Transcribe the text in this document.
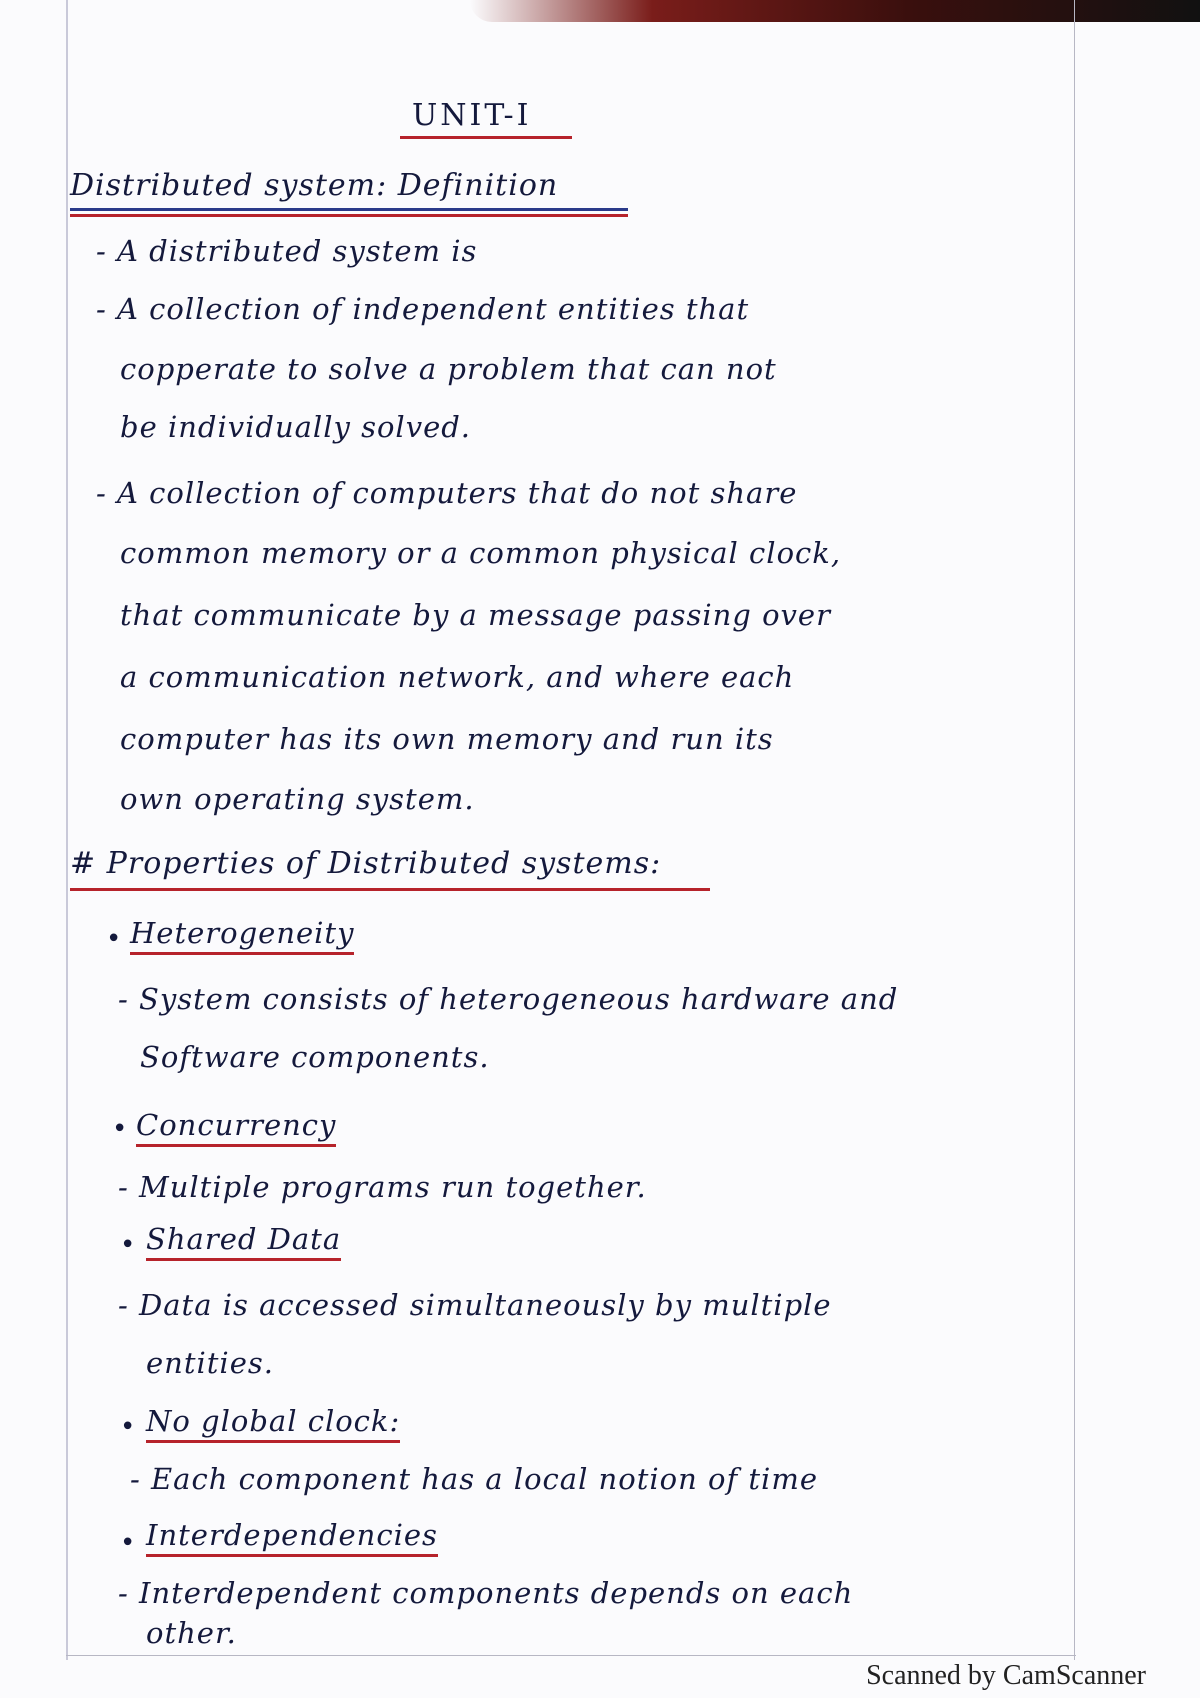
UNIT-I
Distributed system: Definition
- A distributed system is
- A collection of independent entities that
copperate to solve a problem that can not
be individually solved.
- A collection of computers that do not share
common memory or a common physical clock,
that communicate by a message passing over
a communication network, and where each
computer has its own memory and run its
own operating system.
# Properties of Distributed systems:
• Heterogeneity
- System consists of heterogeneous hardware and
Software components.
• Concurrency
- Multiple programs run together.
• Shared Data
- Data is accessed simultaneously by multiple
entities.
• No global clock:
- Each component has a local notion of time
• Interdependencies
- Interdependent components depends on each
other.
Scanned by CamScanner
